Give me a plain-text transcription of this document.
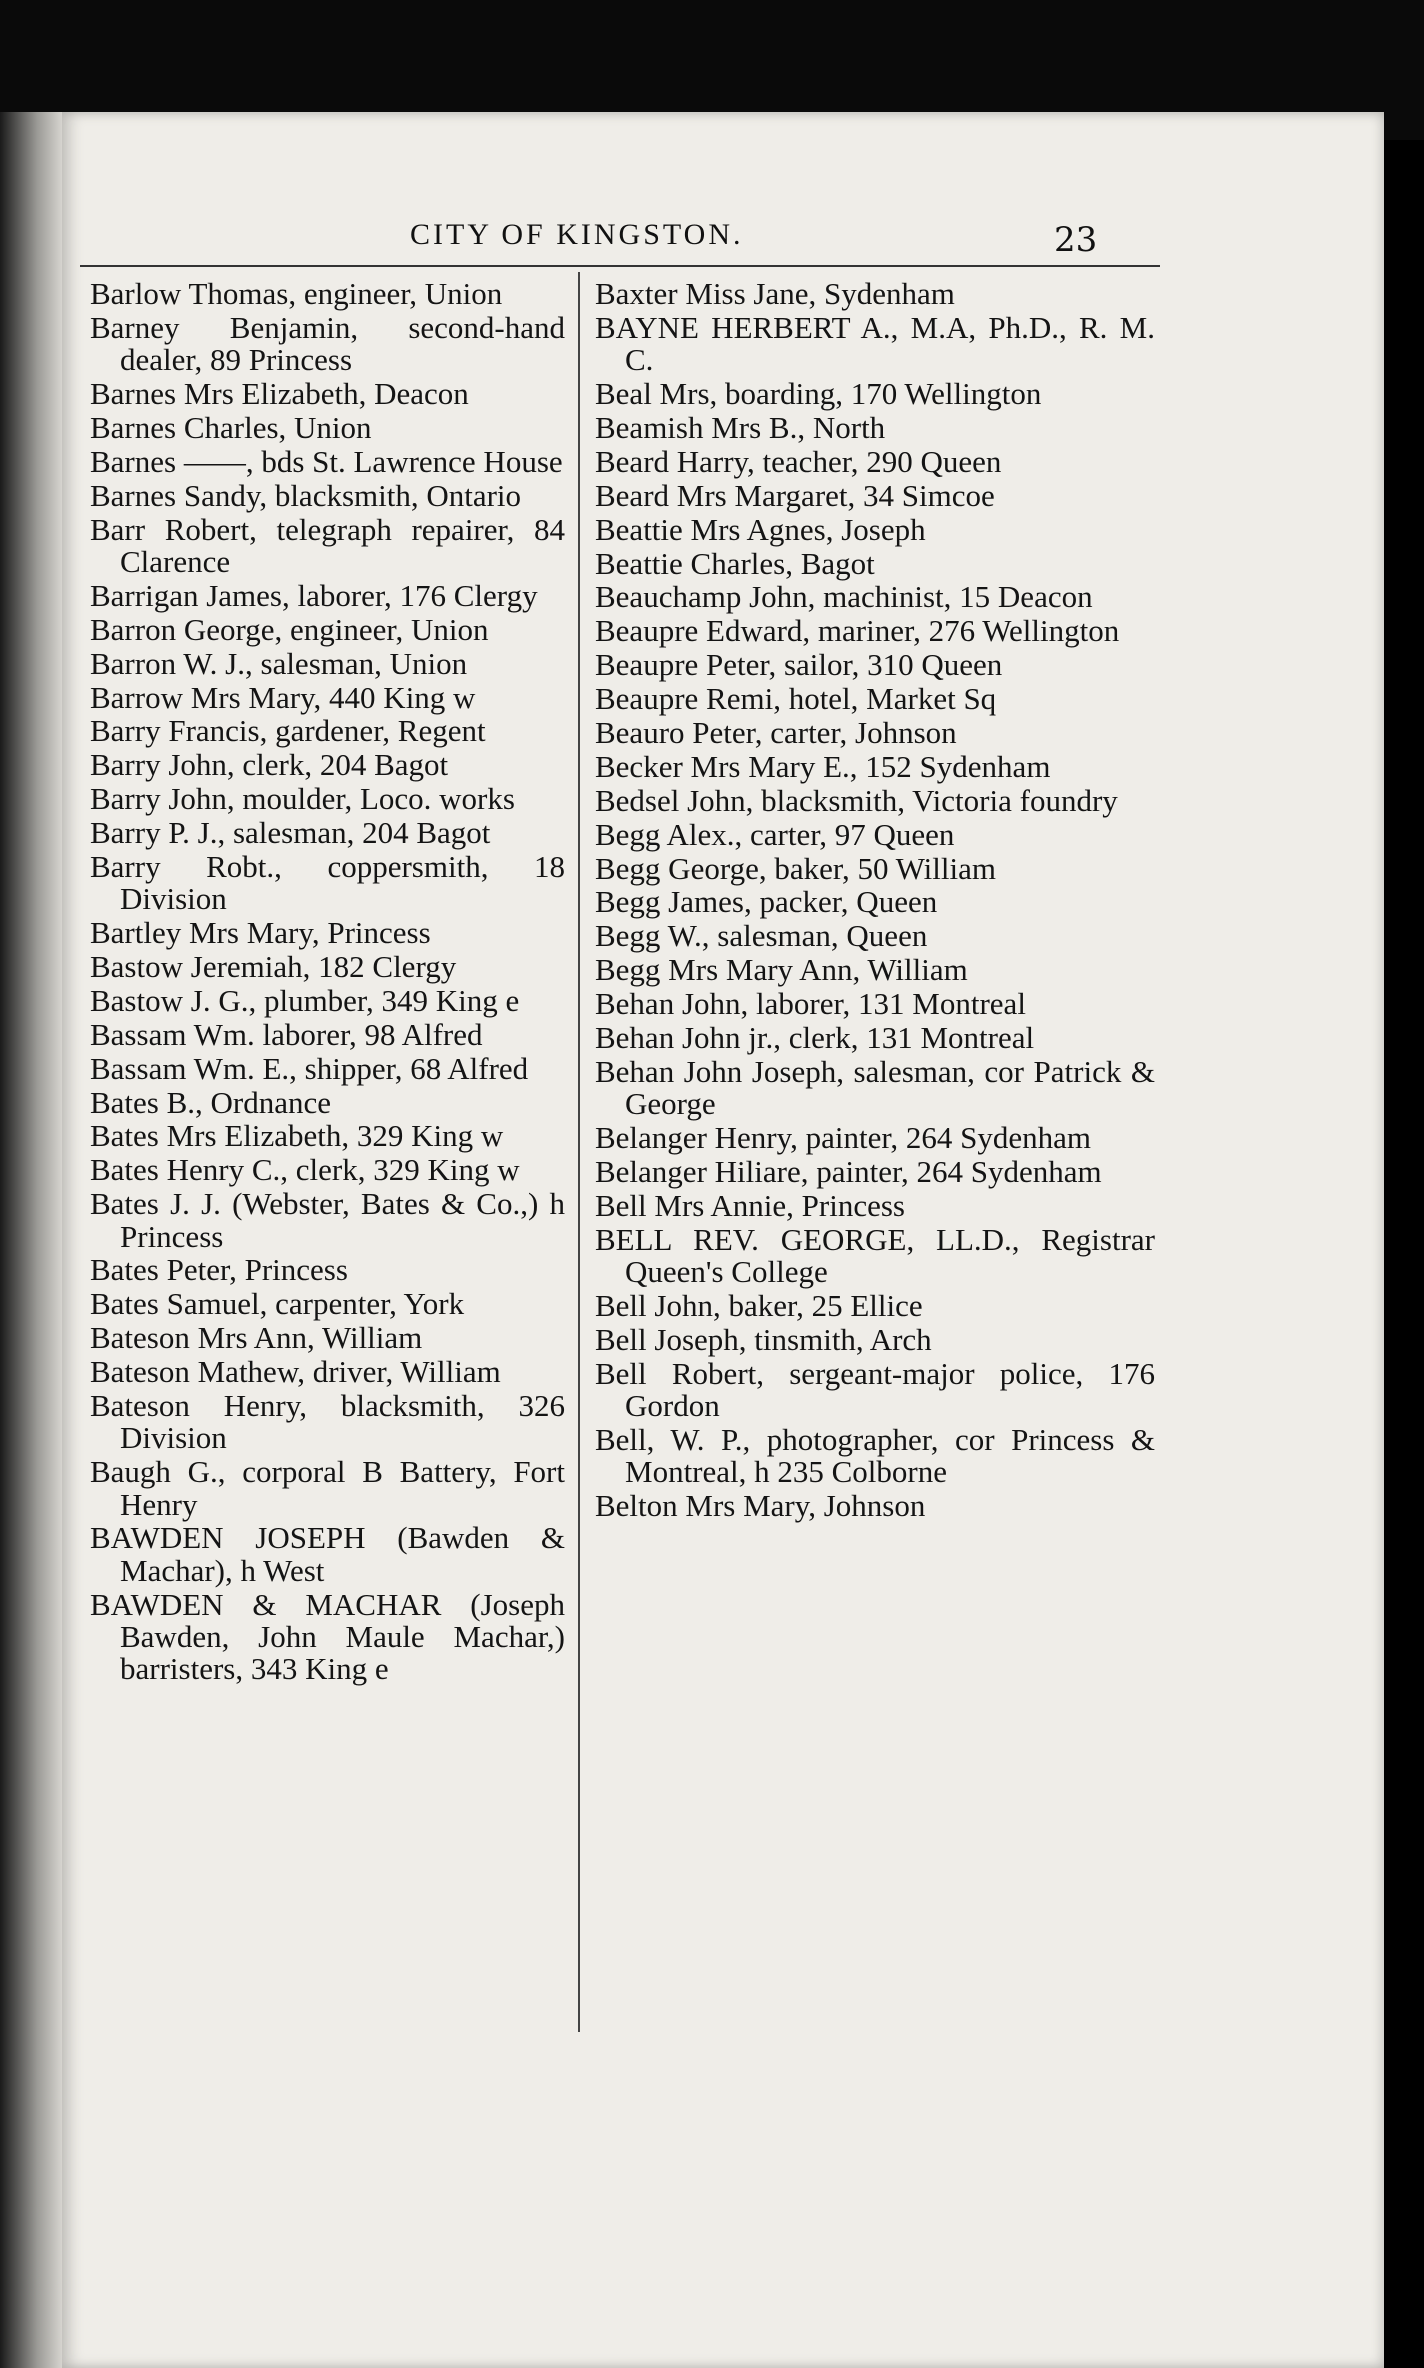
CITY OF KINGSTON.	23

Barlow Thomas, engineer, Union

Barney Benjamin, second-hand dealer, 89 Princess

Barnes Mrs Elizabeth, Deacon

Barnes Charles, Union

Barnes ——, bds St. Lawrence House

Barnes Sandy, blacksmith, Ontario

Barr Robert, telegraph repairer, 84 Clarence

Barrigan James, laborer, 176 Clergy

Barron George, engineer, Union

Barron W. J., salesman, Union

Barrow Mrs Mary, 440 King w

Barry Francis, gardener, Regent

Barry John, clerk, 204 Bagot

Barry John, moulder, Loco. works

Barry P. J., salesman, 204 Bagot

Barry Robt., coppersmith, 18 Division

Bartley Mrs Mary, Princess

Bastow Jeremiah, 182 Clergy

Bastow J. G., plumber, 349 King e

Bassam Wm. laborer, 98 Alfred

Bassam Wm. E., shipper, 68 Alfred

Bates B., Ordnance

Bates Mrs Elizabeth, 329 King w

Bates Henry C., clerk, 329 King w

Bates J. J. (Webster, Bates & Co.,) h Princess

Bates Peter, Princess

Bates Samuel, carpenter, York

Bateson Mrs Ann, William

Bateson Mathew, driver, William

Bateson Henry, blacksmith, 326 Division

Baugh G., corporal B Battery, Fort Henry

BAWDEN JOSEPH (Bawden & Machar), h West

BAWDEN & MACHAR (Joseph Bawden, John Maule Machar,) barristers, 343 King e

Baxter Miss Jane, Sydenham

BAYNE HERBERT A., M.A, Ph.D., R. M. C.

Beal Mrs, boarding, 170 Wellington

Beamish Mrs B., North

Beard Harry, teacher, 290 Queen

Beard Mrs Margaret, 34 Simcoe

Beattie Mrs Agnes, Joseph

Beattie Charles, Bagot

Beauchamp John, machinist, 15 Deacon

Beaupre Edward, mariner, 276 Wellington

Beaupre Peter, sailor, 310 Queen

Beaupre Remi, hotel, Market Sq

Beauro Peter, carter, Johnson

Becker Mrs Mary E., 152 Sydenham

Bedsel John, blacksmith, Victoria foundry

Begg Alex., carter, 97 Queen

Begg George, baker, 50 William

Begg James, packer, Queen

Begg W., salesman, Queen

Begg Mrs Mary Ann, William

Behan John, laborer, 131 Montreal

Behan John jr., clerk, 131 Montreal

Behan John Joseph, salesman, cor Patrick & George

Belanger Henry, painter, 264 Sydenham

Belanger Hiliare, painter, 264 Sydenham

Bell Mrs Annie, Princess

BELL REV. GEORGE, LL.D., Registrar Queen's College

Bell John, baker, 25 Ellice

Bell Joseph, tinsmith, Arch

Bell Robert, sergeant-major police, 176 Gordon

Bell, W. P., photographer, cor Princess & Montreal, h 235 Colborne

Belton Mrs Mary, Johnson
